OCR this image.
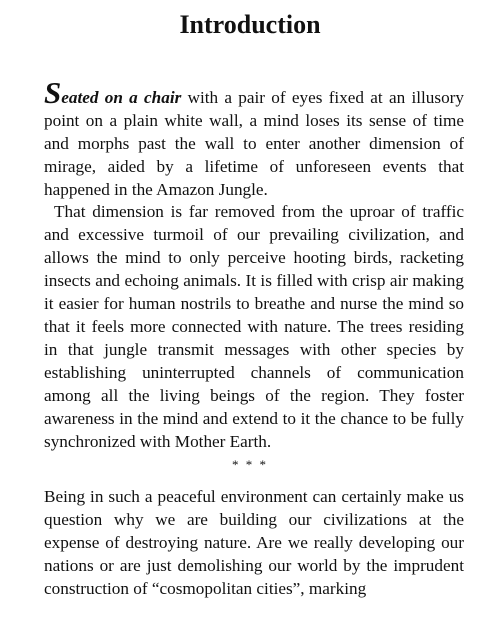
Introduction

Seated on a chair with a pair of eyes fixed at an illusory point on a plain white wall, a mind loses its sense of time and morphs past the wall to enter another dimension of mirage, aided by a lifetime of unforeseen events that happened in the Amazon Jungle.

That dimension is far removed from the uproar of traffic and excessive turmoil of our prevailing civilization, and allows the mind to only perceive hooting birds, racketing insects and echoing animals. It is filled with crisp air making it easier for human nostrils to breathe and nurse the mind so that it feels more connected with nature. The trees residing in that jungle transmit messages with other species by establishing uninterrupted channels of communication among all the living beings of the region. They foster awareness in the mind and extend to it the chance to be fully synchronized with Mother Earth.

* * *

Being in such a peaceful environment can certainly make us question why we are building our civilizations at the expense of destroying nature. Are we really developing our nations or are just demolishing our world by the imprudent construction of “cosmopolitan cities”, marking
